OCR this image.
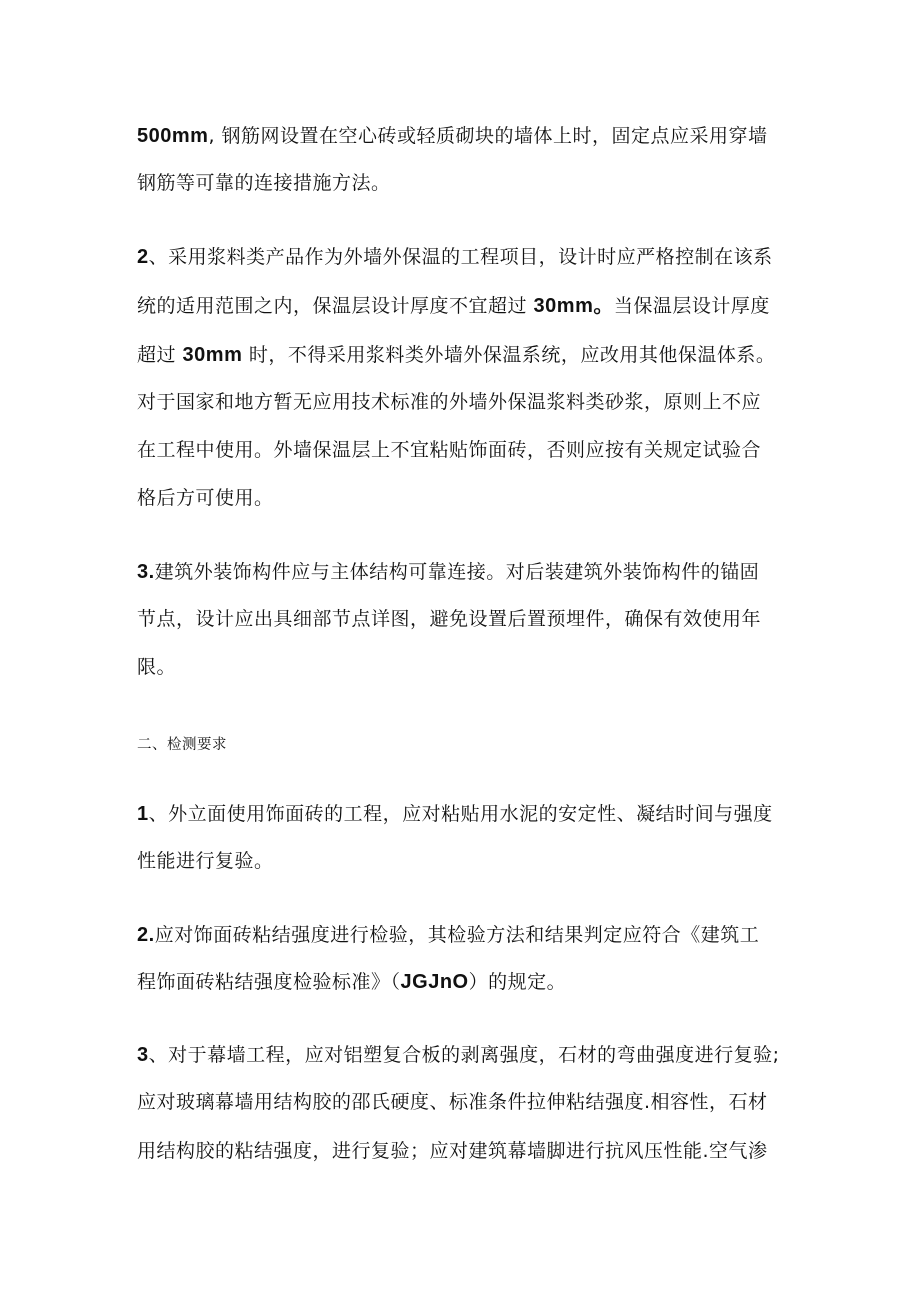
500mm, 钢筋网设置在空心砖或轻质砌块的墙体上时，固定点应采用穿墙
钢筋等可靠的连接措施方法。
2、采用浆料类产品作为外墙外保温的工程项目，设计时应严格控制在该系
统的适用范围之内，保温层设计厚度不宜超过 30mm。当保温层设计厚度
超过 30mm 时，不得采用浆料类外墙外保温系统，应改用其他保温体系。
对于国家和地方暂无应用技术标准的外墙外保温浆料类砂浆，原则上不应
在工程中使用。外墙保温层上不宜粘贴饰面砖，否则应按有关规定试验合
格后方可使用。
3.建筑外装饰构件应与主体结构可靠连接。对后装建筑外装饰构件的锚固
节点，设计应出具细部节点详图，避免设置后置预埋件，确保有效使用年
限。
二、检测要求
1、外立面使用饰面砖的工程，应对粘贴用水泥的安定性、凝结时间与强度
性能进行复验。
2.应对饰面砖粘结强度进行检验，其检验方法和结果判定应符合《建筑工
程饰面砖粘结强度检验标准》（JGJnO）的规定。
3、对于幕墙工程，应对铝塑复合板的剥离强度，石材的弯曲强度进行复验;
应对玻璃幕墙用结构胶的邵氏硬度、标准条件拉伸粘结强度.相容性，石材
用结构胶的粘结强度，进行复验；应对建筑幕墙脚进行抗风压性能.空气渗
